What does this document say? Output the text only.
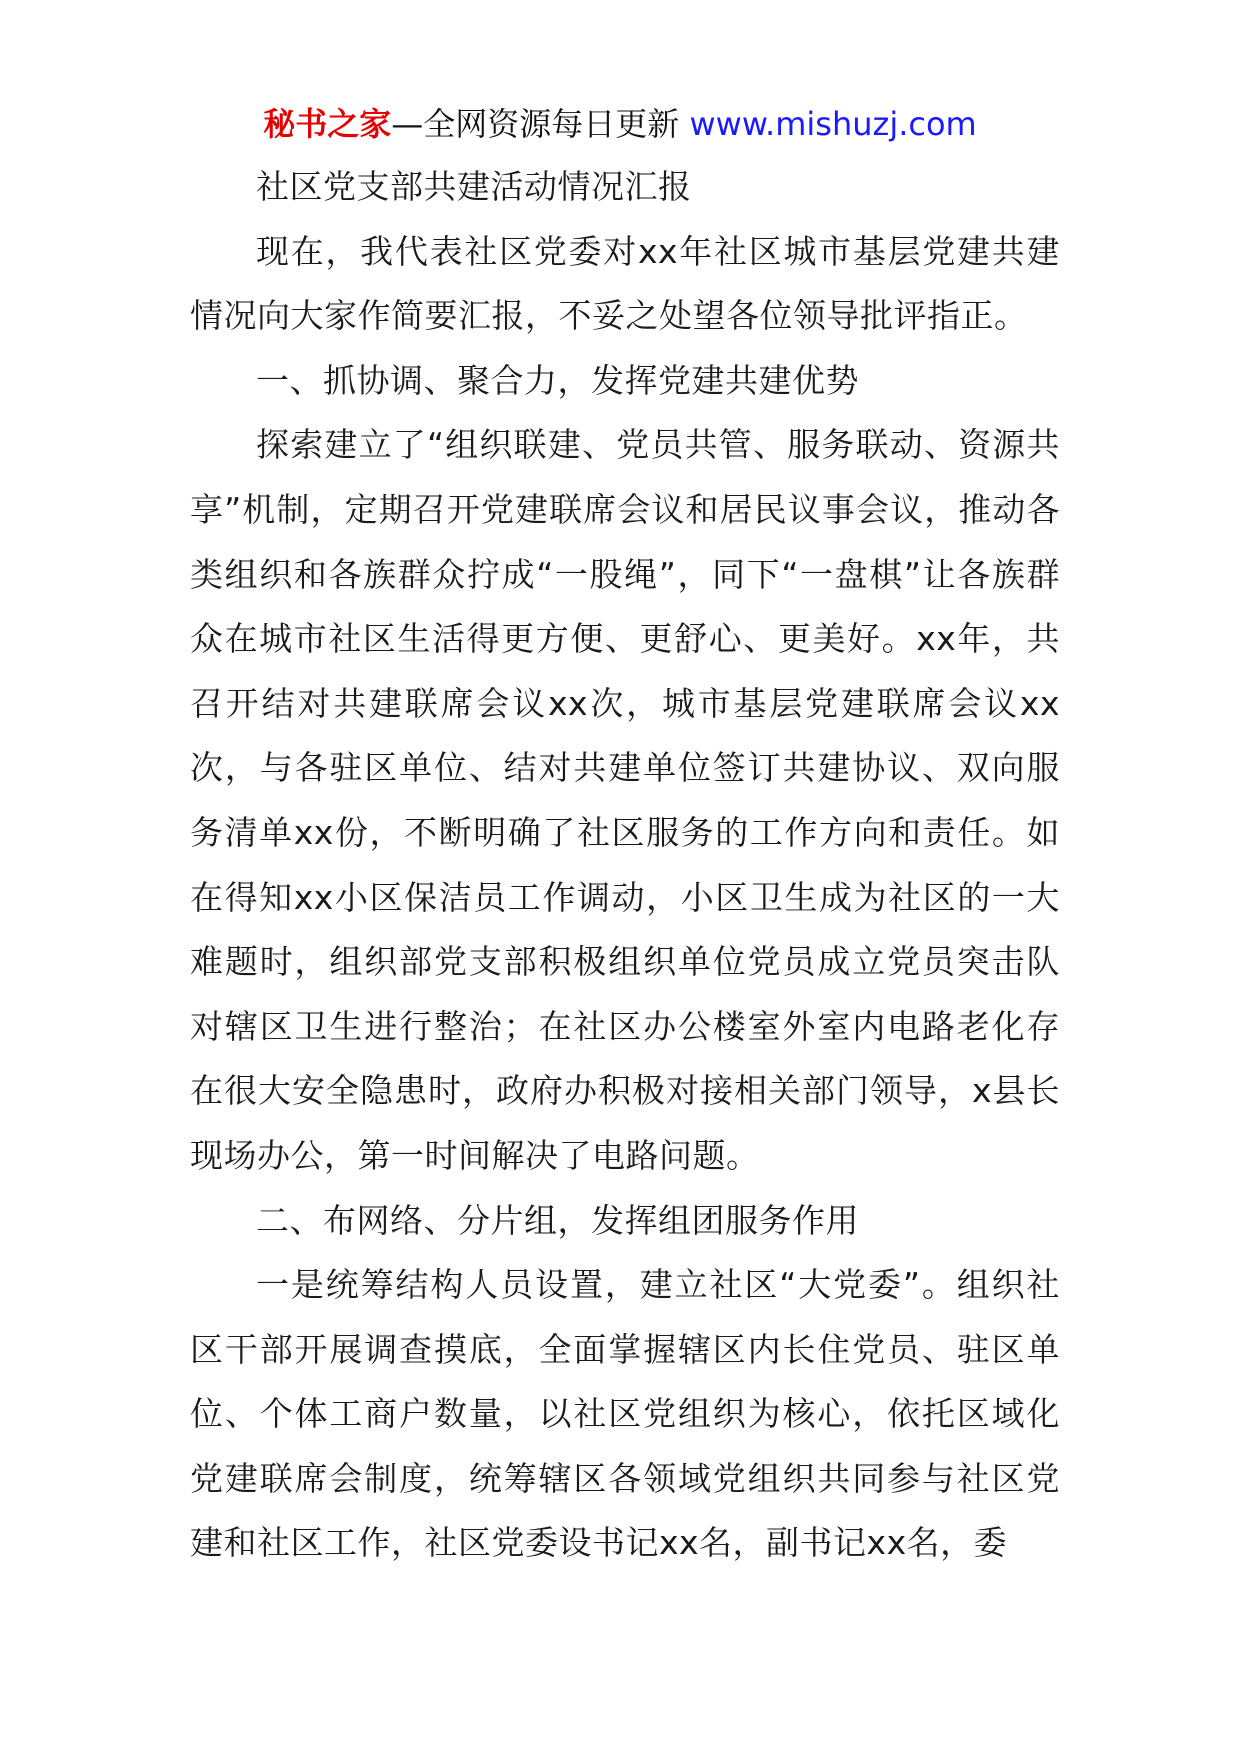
秘书之家—全网资源每日更新 www.mishuzj.com

社区党支部共建活动情况汇报

现在，我代表社区党委对xx年社区城市基层党建共建情况向大家作简要汇报，不妥之处望各位领导批评指正。

一、抓协调、聚合力，发挥党建共建优势

探索建立了“组织联建、党员共管、服务联动、资源共享”机制，定期召开党建联席会议和居民议事会议，推动各类组织和各族群众拧成“一股绳”，同下“一盘棋”让各族群众在城市社区生活得更方便、更舒心、更美好。xx年，共召开结对共建联席会议xx次，城市基层党建联席会议xx次，与各驻区单位、结对共建单位签订共建协议、双向服务清单xx份，不断明确了社区服务的工作方向和责任。如在得知xx小区保洁员工作调动，小区卫生成为社区的一大难题时，组织部党支部积极组织单位党员成立党员突击队对辖区卫生进行整治；在社区办公楼室外室内电路老化存在很大安全隐患时，政府办积极对接相关部门领导，x县长现场办公，第一时间解决了电路问题。

二、布网络、分片组，发挥组团服务作用

一是统筹结构人员设置，建立社区“大党委”。组织社区干部开展调查摸底，全面掌握辖区内长住党员、驻区单位、个体工商户数量，以社区党组织为核心，依托区域化党建联席会制度，统筹辖区各领域党组织共同参与社区党建和社区工作，社区党委设书记xx名，副书记xx名，委
